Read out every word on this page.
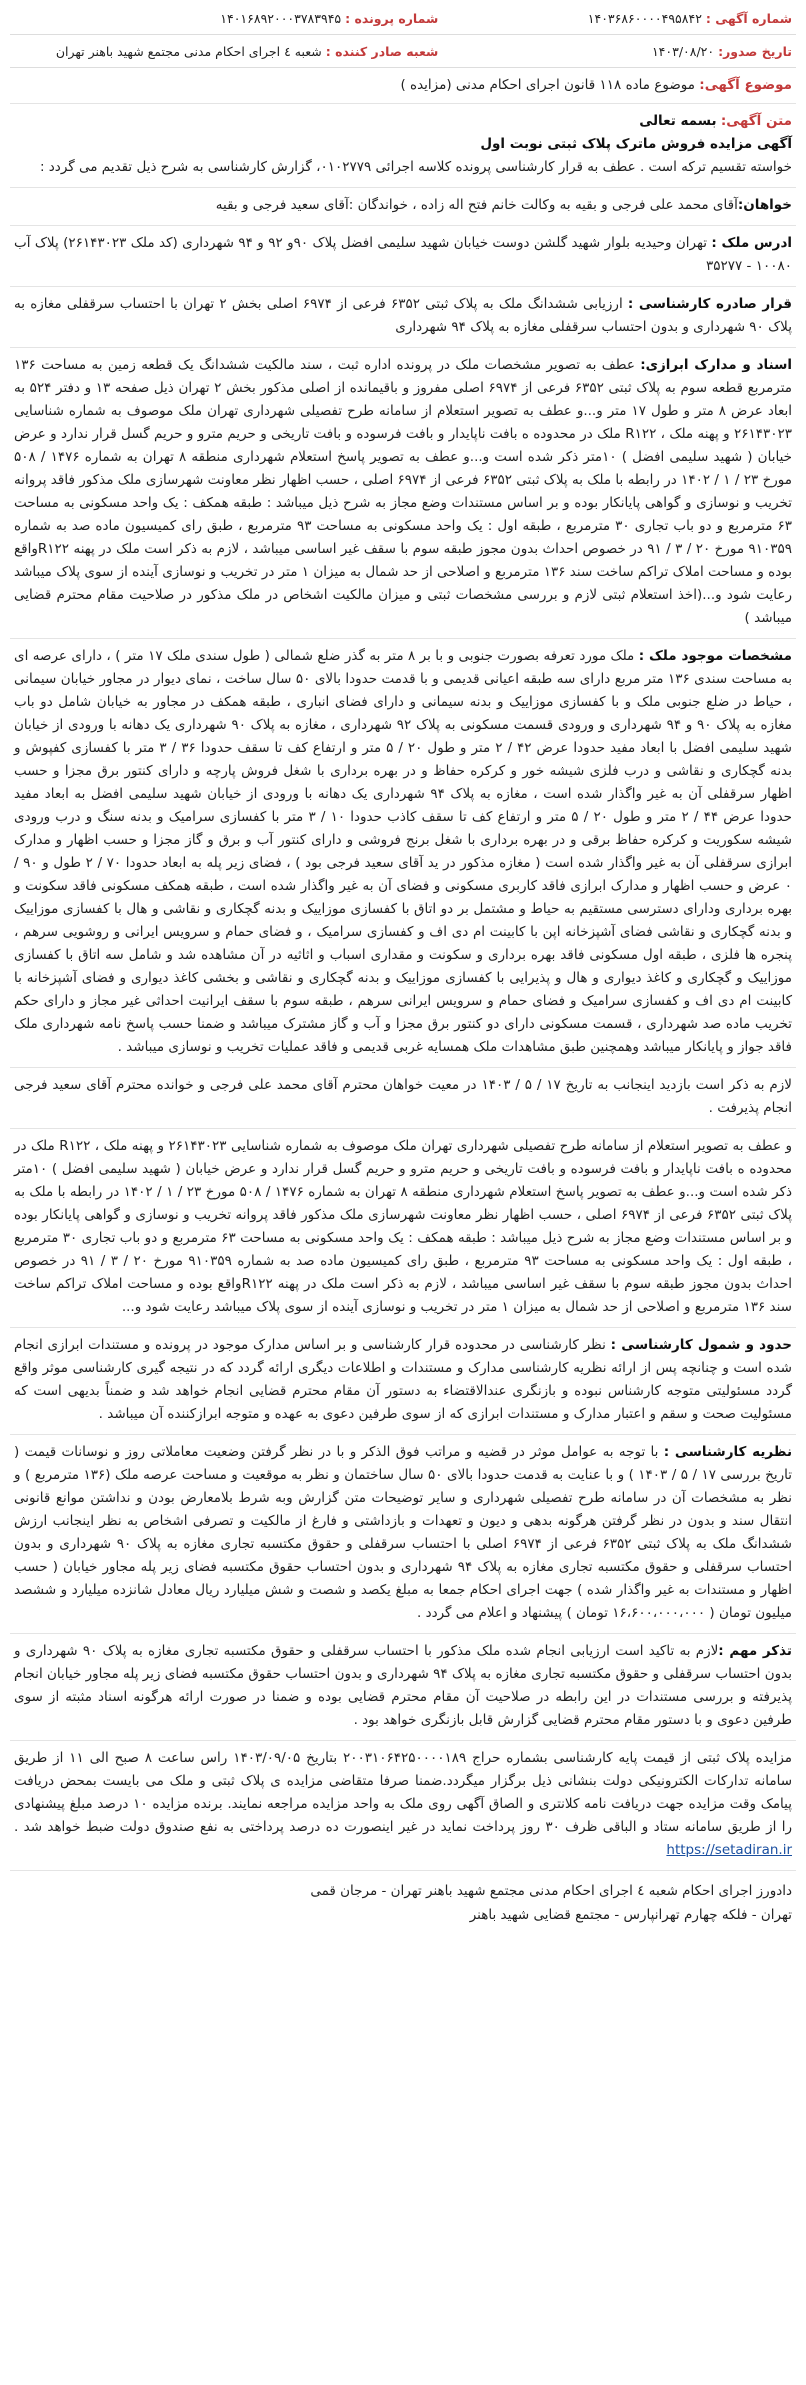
شماره آگهی : ۱۴۰۳۶۸۶۰۰۰۰۴۹۵۸۴۲
شماره پرونده : ۱۴۰۱۶۸۹۲۰۰۰۳۷۸۳۹۴۵
تاریخ صدور: ۱۴۰۳/۰۸/۲۰
شعبه صادر کننده : شعبه ٤ اجرای احکام مدنی مجتمع شهید باهنر تهران
موضوع آگهی: موضوع ماده ۱۱۸ قانون اجرای احکام مدنی (مزایده )
متن آگهی: بسمه تعالی
آگهی مزایده فروش ماترک پلاک ثبتی نوبت اول
خواسته تقسیم ترکه است . عطف به قرار کارشناسی پرونده کلاسه اجرائی ۰۱۰۲۷۷۹، گزارش کارشناسی به شرح ذیل تقدیم می گردد :
خواهان:آقای محمد علی فرجی و بقیه به وکالت خانم فتح اله زاده ، خواندگان :آقای سعید فرجی و بقیه
ادرس ملک : تهران وحیدیه بلوار شهید گلشن دوست خیابان شهید سلیمی افضل پلاک ۹۰و ۹۲ و ۹۴ شهرداری (کد ملک ۲۶۱۴۳۰۲۳) پلاک آب ۱۰۰۸۰ - ۳۵۲۷۷
قرار صادره کارشناسی : ارزیابی ششدانگ ملک به پلاک ثبتی ۶۳۵۲ فرعی از ۶۹۷۴ اصلی بخش ۲ تهران با احتساب سرقفلی مغازه به پلاک ۹۰ شهرداری و بدون احتساب سرقفلی مغازه به پلاک ۹۴ شهرداری
اسناد و مدارک ابرازی: عطف به تصویر مشخصات ملک در پرونده اداره ثبت ، سند مالکیت ششدانگ یک قطعه زمین به مساحت ۱۳۶ مترمربع قطعه سوم به پلاک ثبتی ۶۳۵۲ فرعی از ۶۹۷۴ اصلی مفروز و باقیمانده از اصلی مذکور بخش ۲ تهران ذیل صفحه ۱۳ و دفتر ۵۲۴ به ابعاد عرض ۸ متر و طول ۱۷ متر و...و عطف به تصویر استعلام از سامانه طرح تفصیلی شهرداری تهران ملک موصوف به شماره شناسایی ۲۶۱۴۳۰۲۳ و پهنه ملک ، R۱۲۲ ملک در محدوده ه بافت ناپایدار و بافت فرسوده و بافت تاریخی و حریم مترو و حریم گسل قرار ندارد و عرض خیابان ( شهید سلیمی افضل ) ۱۰متر ذکر شده است و...و عطف به تصویر پاسخ استعلام شهرداری منطقه ۸ تهران به شماره ۱۴۷۶ / ۵۰۸ مورخ ۲۳ / ۱ / ۱۴۰۲ در رابطه با ملک به پلاک ثبتی ۶۳۵۲ فرعی از ۶۹۷۴ اصلی ، حسب اظهار نظر معاونت شهرسازی ملک مذکور فاقد پروانه تخریب و نوسازی و گواهی پایانکار بوده و بر اساس مستندات وضع مجاز به شرح ذیل میباشد : طبقه همکف : یک واحد مسکونی به مساحت ۶۳ مترمربع و دو باب تجاری ۳۰ مترمربع ، طبقه اول : یک واحد مسکونی به مساحت ۹۳ مترمربع ، طبق رای کمیسیون ماده صد به شماره ۹۱۰۳۵۹ مورخ ۲۰ / ۳ / ۹۱ در خصوص احداث بدون مجوز طبقه سوم با سقف غیر اساسی میباشد ، لازم به ذکر است ملک در پهنه R۱۲۲واقع بوده و مساحت املاک تراکم ساخت سند ۱۳۶ مترمربع و اصلاحی از حد شمال به میزان ۱ متر در تخریب و نوسازی آینده از سوی پلاک میباشد رعایت شود و...(اخذ استعلام ثبتی لازم و بررسی مشخصات ثبتی و میزان مالکیت اشخاص در ملک مذکور در صلاحیت مقام محترم قضایی میباشد )
مشخصات موجود ملک : ملک مورد تعرفه بصورت جنوبی و با بر ۸ متر به گذر ضلع شمالی ( طول سندی ملک ۱۷ متر ) ، دارای عرصه ای به مساحت سندی ۱۳۶ متر مربع دارای سه طبقه اعیانی قدیمی و با قدمت حدودا بالای ۵۰ سال ساخت ، نمای دیوار در مجاور خیابان سیمانی ، حیاط در ضلع جنوبی ملک و با کفسازی موزاییک و بدنه سیمانی و دارای فضای انباری ، طبقه همکف در مجاور به خیابان شامل دو باب مغازه به پلاک ۹۰ و ۹۴ شهرداری و ورودی قسمت مسکونی به پلاک ۹۲ شهرداری ، مغازه به پلاک ۹۰ شهرداری یک دهانه با ورودی از خیابان شهید سلیمی افضل با ابعاد مفید حدودا عرض ۴۲ / ۲ متر و طول ۲۰ / ۵ متر و ارتفاع کف تا سقف حدودا ۳۶ / ۳ متر با کفسازی کفپوش و بدنه گچکاری و نقاشی و درب فلزی شیشه خور و کرکره حفاظ و در بهره برداری با شغل فروش پارچه و دارای کنتور برق مجزا و حسب اظهار سرقفلی آن به غیر واگذار شده است ، مغازه به پلاک ۹۴ شهرداری یک دهانه با ورودی از خیابان شهید سلیمی افضل به ابعاد مفید حدودا عرض ۴۴ / ۲ متر و طول ۲۰ / ۵ متر و ارتفاع کف تا سقف کاذب حدودا ۱۰ / ۳ متر با کفسازی سرامیک و بدنه سنگ و درب ورودی شیشه سکوریت و کرکره حفاظ برقی و در بهره برداری با شغل برنج فروشی و دارای کنتور آب و برق و گاز مجزا و حسب اظهار و مدارک ابرازی سرقفلی آن به غیر واگذار شده است ( مغازه مذکور در ید آقای سعید فرجی بود ) ، فضای زیر پله به ابعاد حدودا ۷۰ / ۲ طول و ۹۰ / ۰ عرض و حسب اظهار و مدارک ابرازی فاقد کاربری مسکونی و فضای آن به غیر واگذار شده است ، طبقه همکف مسکونی فاقد سکونت و بهره برداری ودارای دسترسی مستقیم به حیاط و مشتمل بر دو اتاق با کفسازی موزاییک و بدنه گچکاری و نقاشی و هال با کفسازی موزاییک و بدنه گچکاری و نقاشی فضای آشپزخانه اپن با کابینت ام دی اف و کفسازی سرامیک ، و فضای حمام و سرویس ایرانی و روشویی سرهم ، پنجره ها فلزی ، طبقه اول مسکونی فاقد بهره برداری و سکونت و مقداری اسباب و اثاثیه در آن مشاهده شد و شامل سه اتاق با کفسازی موزاییک و گچکاری و کاغذ دیواری و هال و پذیرایی با کفسازی موزاییک و بدنه گچکاری و نقاشی و بخشی کاغذ دیواری و فضای آشپزخانه با کابینت ام دی اف و کفسازی سرامیک و فضای حمام و سرویس ایرانی سرهم ، طبقه سوم با سقف ایرانیت احداثی غیر مجاز و دارای حکم تخریب ماده صد شهرداری ، قسمت مسکونی دارای دو کنتور برق مجزا و آب و گاز مشترک میباشد و ضمنا حسب پاسخ نامه شهرداری ملک فاقد جواز و پایانکار میباشد وهمچنین طبق مشاهدات ملک همسایه غربی قدیمی و فاقد عملیات تخریب و نوسازی میباشد .
لازم به ذکر است بازدید اینجانب به تاریخ ۱۷ / ۵ / ۱۴۰۳ در معیت خواهان محترم آقای محمد علی فرجی و خوانده محترم آقای سعید فرجی انجام پذیرفت .
و عطف به تصویر استعلام از سامانه طرح تفصیلی شهرداری تهران ملک موصوف به شماره شناسایی ۲۶۱۴۳۰۲۳ و پهنه ملک ، R۱۲۲ ملک در محدوده ه بافت ناپایدار و بافت فرسوده و بافت تاریخی و حریم مترو و حریم گسل قرار ندارد و عرض خیابان ( شهید سلیمی افضل ) ۱۰متر ذکر شده است و...و عطف به تصویر پاسخ استعلام شهرداری منطقه ۸ تهران به شماره ۱۴۷۶ / ۵۰۸ مورخ ۲۳ / ۱ / ۱۴۰۲ در رابطه با ملک به پلاک ثبتی ۶۳۵۲ فرعی از ۶۹۷۴ اصلی ، حسب اظهار نظر معاونت شهرسازی ملک مذکور فاقد پروانه تخریب و نوسازی و گواهی پایانکار بوده و بر اساس مستندات وضع مجاز به شرح ذیل میباشد : طبقه همکف : یک واحد مسکونی به مساحت ۶۳ مترمربع و دو باب تجاری ۳۰ مترمربع ، طبقه اول : یک واحد مسکونی به مساحت ۹۳ مترمربع ، طبق رای کمیسیون ماده صد به شماره ۹۱۰۳۵۹ مورخ ۲۰ / ۳ / ۹۱ در خصوص احداث بدون مجوز طبقه سوم با سقف غیر اساسی میباشد ، لازم به ذکر است ملک در پهنه R۱۲۲واقع بوده و مساحت املاک تراکم ساخت سند ۱۳۶ مترمربع و اصلاحی از حد شمال به میزان ۱ متر در تخریب و نوسازی آینده از سوی پلاک میباشد رعایت شود و...
حدود و شمول کارشناسی : نظر کارشناسی در محدوده قرار کارشناسی و بر اساس مدارک موجود در پرونده و مستندات ابرازی انجام شده است و چنانچه پس از ارائه نظریه کارشناسی مدارک و مستندات و اطلاعات دیگری ارائه گردد که در نتیجه گیری کارشناسی موثر واقع گردد مسئولیتی متوجه کارشناس نبوده و بازنگری عندالاقتضاء به دستور آن مقام محترم قضایی انجام خواهد شد و ضمناً بدیهی است که مسئولیت صحت و سقم و اعتبار مدارک و مستندات ابرازی که از سوی طرفین دعوی به عهده و متوجه ابرازکننده آن میباشد .
نظریه کارشناسی : با توجه به عوامل موثر در قضیه و مراتب فوق الذکر و با در نظر گرفتن وضعیت معاملاتی روز و نوسانات قیمت ( تاریخ بررسی ۱۷ / ۵ / ۱۴۰۳ ) و با عنایت به قدمت حدودا بالای ۵۰ سال ساختمان و نظر به موقعیت و مساحت عرصه ملک (۱۳۶ مترمربع ) و نظر به مشخصات آن در سامانه طرح تفصیلی شهرداری و سایر توضیحات متن گزارش وبه شرط بلامعارض بودن و نداشتن موانع قانونی انتقال سند و بدون در نظر گرفتن هرگونه بدهی و دیون و تعهدات و بازداشتی و فارغ از مالکیت و تصرفی اشخاص به نظر اینجانب ارزش ششدانگ ملک به پلاک ثبتی ۶۳۵۲ فرعی از ۶۹۷۴ اصلی با احتساب سرقفلی و حقوق مکتسبه تجاری مغازه به پلاک ۹۰ شهرداری و بدون احتساب سرقفلی و حقوق مکتسبه تجاری مغازه به پلاک ۹۴ شهرداری و بدون احتساب حقوق مکتسبه فضای زیر پله مجاور خیابان ( حسب اظهار و مستندات به غیر واگذار شده ) جهت اجرای احکام جمعا به مبلغ یکصد و شصت و شش میلیارد ریال معادل شانزده میلیارد و ششصد میلیون تومان ( ۱۶،۶۰۰،۰۰۰،۰۰۰ تومان ) پیشنهاد و اعلام می گردد .
تذکر مهم :لازم به تاکید است ارزیابی انجام شده ملک مذکور با احتساب سرقفلی و حقوق مکتسبه تجاری مغازه به پلاک ۹۰ شهرداری و بدون احتساب سرقفلی و حقوق مکتسبه تجاری مغازه به پلاک ۹۴ شهرداری و بدون احتساب حقوق مکتسبه فضای زیر پله مجاور خیابان انجام پذیرفته و بررسی مستندات در این رابطه در صلاحیت آن مقام محترم قضایی بوده و ضمنا در صورت ارائه هرگونه اسناد مثبته از سوی طرفین دعوی و با دستور مقام محترم قضایی گزارش قابل بازنگری خواهد بود .
مزایده پلاک ثبتی از قیمت پایه کارشناسی بشماره حراج ۲۰۰۳۱۰۶۴۲۵۰۰۰۰۱۸۹ بتاریخ ۱۴۰۳/۰۹/۰۵ راس ساعت ۸ صبح الی ۱۱ از طریق سامانه تدارکات الکترونیکی دولت بنشانی ذیل برگزار میگردد.ضمنا صرفا متقاضی مزایده ی پلاک ثبتی و ملک می بایست بمحض دریافت پیامک وقت مزایده جهت دریافت نامه کلانتری و الصاق آگهی روی ملک به واحد مزایده مراجعه نمایند. برنده مزایده ۱۰ درصد مبلغ پیشنهادی را از طریق سامانه ستاد و الباقی ظرف ۳۰ روز پرداخت نماید در غیر اینصورت ده درصد پرداختی به نفع صندوق دولت ضبط خواهد شد . https://setadiran.ir
دادورز اجرای احکام شعبه ٤ اجرای احکام مدنی مجتمع شهید باهنر تهران - مرجان قمی
تهران - فلکه چهارم تهرانپارس - مجتمع قضایی شهید باهنر
